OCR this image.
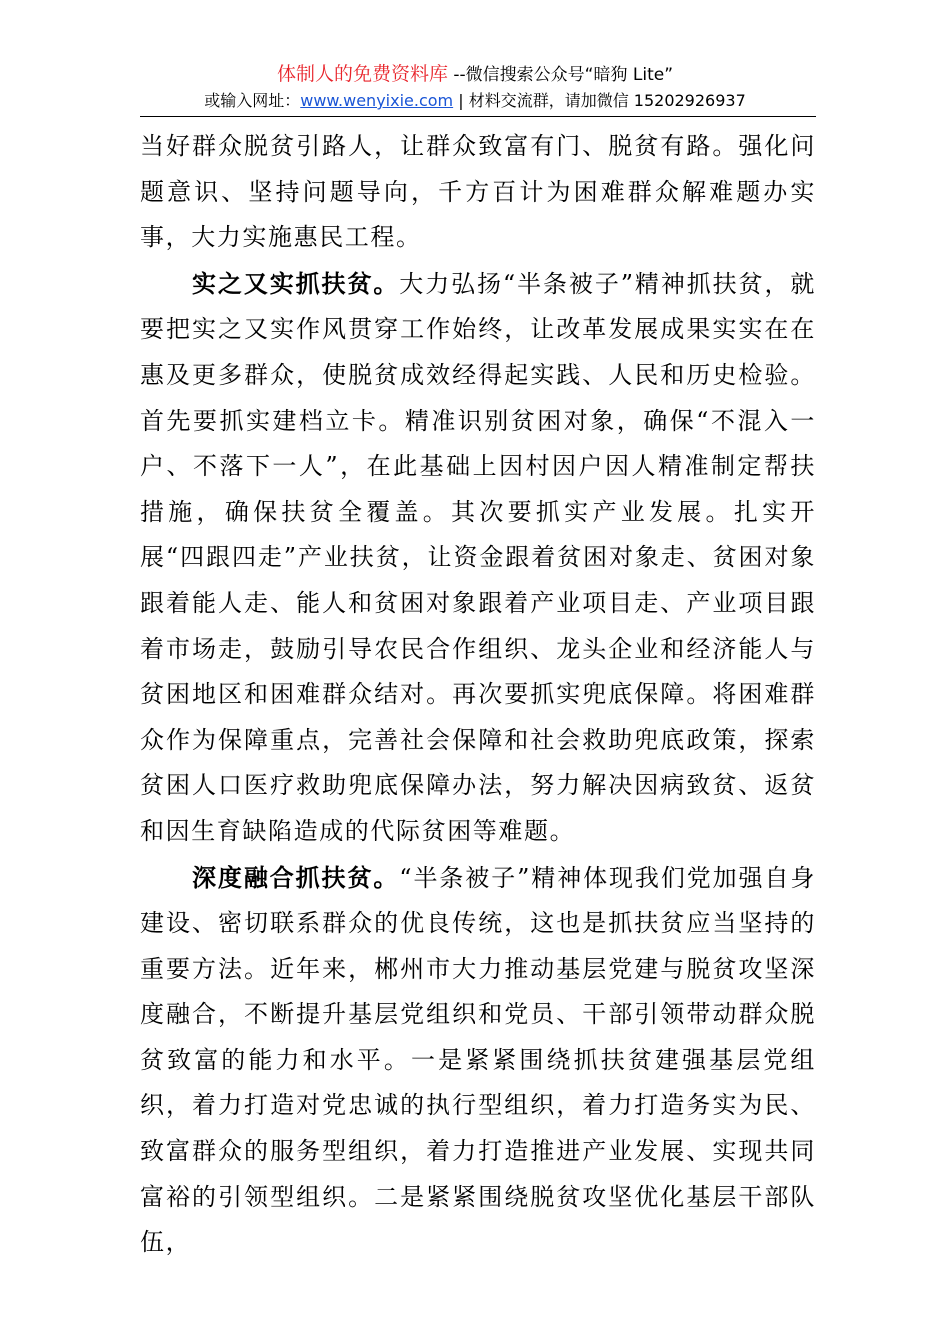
体制人的免费资料库 --微信搜索公众号“暗狗 Lite”
或输入网址：www.wenyixie.com | 材料交流群，请加微信 15202926937

当好群众脱贫引路人，让群众致富有门、脱贫有路。强化问题意识、坚持问题导向，千方百计为困难群众解难题办实事，大力实施惠民工程。

实之又实抓扶贫。大力弘扬“半条被子”精神抓扶贫，就要把实之又实作风贯穿工作始终，让改革发展成果实实在在惠及更多群众，使脱贫成效经得起实践、人民和历史检验。首先要抓实建档立卡。精准识别贫困对象，确保“不混入一户、不落下一人”，在此基础上因村因户因人精准制定帮扶措施，确保扶贫全覆盖。其次要抓实产业发展。扎实开展“四跟四走”产业扶贫，让资金跟着贫困对象走、贫困对象跟着能人走、能人和贫困对象跟着产业项目走、产业项目跟着市场走，鼓励引导农民合作组织、龙头企业和经济能人与贫困地区和困难群众结对。再次要抓实兜底保障。将困难群众作为保障重点，完善社会保障和社会救助兜底政策，探索贫困人口医疗救助兜底保障办法，努力解决因病致贫、返贫和因生育缺陷造成的代际贫困等难题。

深度融合抓扶贫。“半条被子”精神体现我们党加强自身建设、密切联系群众的优良传统，这也是抓扶贫应当坚持的重要方法。近年来，郴州市大力推动基层党建与脱贫攻坚深度融合，不断提升基层党组织和党员、干部引领带动群众脱贫致富的能力和水平。一是紧紧围绕抓扶贫建强基层党组织，着力打造对党忠诚的执行型组织，着力打造务实为民、致富群众的服务型组织，着力打造推进产业发展、实现共同富裕的引领型组织。二是紧紧围绕脱贫攻坚优化基层干部队伍，
